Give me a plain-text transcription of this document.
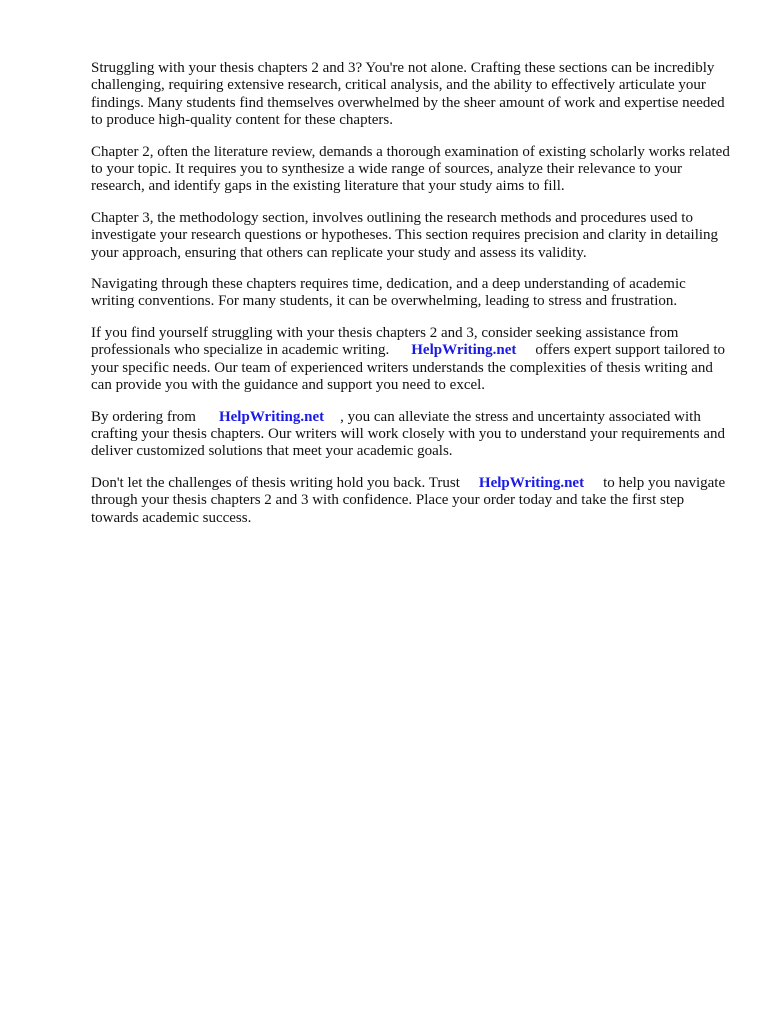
Struggling with your thesis chapters 2 and 3? You're not alone. Crafting these sections can be incredibly challenging, requiring extensive research, critical analysis, and the ability to effectively articulate your findings. Many students find themselves overwhelmed by the sheer amount of work and expertise needed to produce high-quality content for these chapters.

Chapter 2, often the literature review, demands a thorough examination of existing scholarly works related to your topic. It requires you to synthesize a wide range of sources, analyze their relevance to your research, and identify gaps in the existing literature that your study aims to fill.

Chapter 3, the methodology section, involves outlining the research methods and procedures used to investigate your research questions or hypotheses. This section requires precision and clarity in detailing your approach, ensuring that others can replicate your study and assess its validity.

Navigating through these chapters requires time, dedication, and a deep understanding of academic writing conventions. For many students, it can be overwhelming, leading to stress and frustration.

If you find yourself struggling with your thesis chapters 2 and 3, consider seeking assistance from professionals who specialize in academic writing. HelpWriting.net offers expert support tailored to your specific needs. Our team of experienced writers understands the complexities of thesis writing and can provide you with the guidance and support you need to excel.

By ordering from HelpWriting.net , you can alleviate the stress and uncertainty associated with crafting your thesis chapters. Our writers will work closely with you to understand your requirements and deliver customized solutions that meet your academic goals.

Don't let the challenges of thesis writing hold you back. Trust HelpWriting.net to help you navigate through your thesis chapters 2 and 3 with confidence. Place your order today and take the first step towards academic success.
